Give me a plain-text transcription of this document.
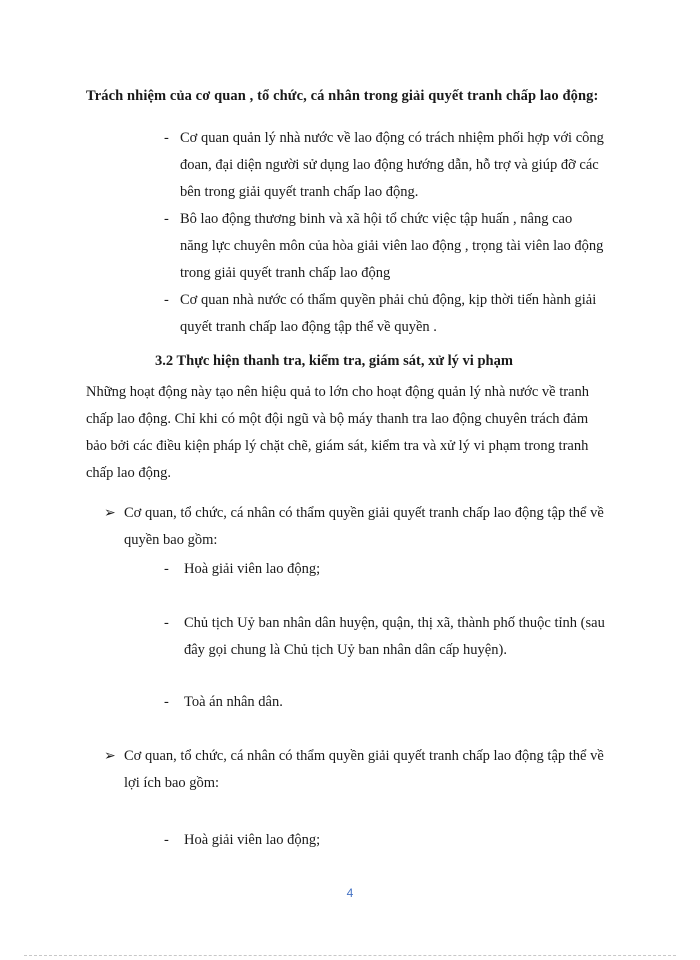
Trách nhiệm của cơ quan , tổ chức, cá nhân trong giải quyết tranh chấp lao động:
- Cơ quan quản lý nhà nước về lao động có trách nhiệm phối hợp với công
đoan, đại diện người sử dụng lao động hướng dẫn, hỗ trợ và giúp đỡ các
bên trong giải quyết tranh chấp lao động.
- Bô lao động thương binh và xã hội tổ chức việc tập huấn , nâng cao
năng lực chuyên môn của hòa giải viên lao động , trọng tài viên lao động
trong giải quyết tranh chấp lao động
- Cơ quan nhà nước có thẩm quyền phải chủ động, kịp thời tiến hành giải
quyết tranh chấp lao động tập thể về quyền .
3.2 Thực hiện thanh tra, kiểm tra, giám sát, xử lý vi phạm
Những hoạt động này tạo nên hiệu quả to lớn cho hoạt động quản lý nhà nước về tranh
chấp lao động. Chỉ khi có một đội ngũ và bộ máy thanh tra lao động chuyên trách đảm
bảo bởi các điều kiện pháp lý chặt chẽ, giám sát, kiểm tra và xử lý vi phạm trong tranh
chấp lao động.
➢ Cơ quan, tổ chức, cá nhân có thẩm quyền giải quyết tranh chấp lao động tập thể về
quyền bao gồm:
- Hoà giải viên lao động;
- Chủ tịch Uỷ ban nhân dân huyện, quận, thị xã, thành phố thuộc tỉnh (sau
đây gọi chung là Chủ tịch Uỷ ban nhân dân cấp huyện).
- Toà án nhân dân.
➢ Cơ quan, tổ chức, cá nhân có thẩm quyền giải quyết tranh chấp lao động tập thể về
lợi ích bao gồm:
- Hoà giải viên lao động;
4
